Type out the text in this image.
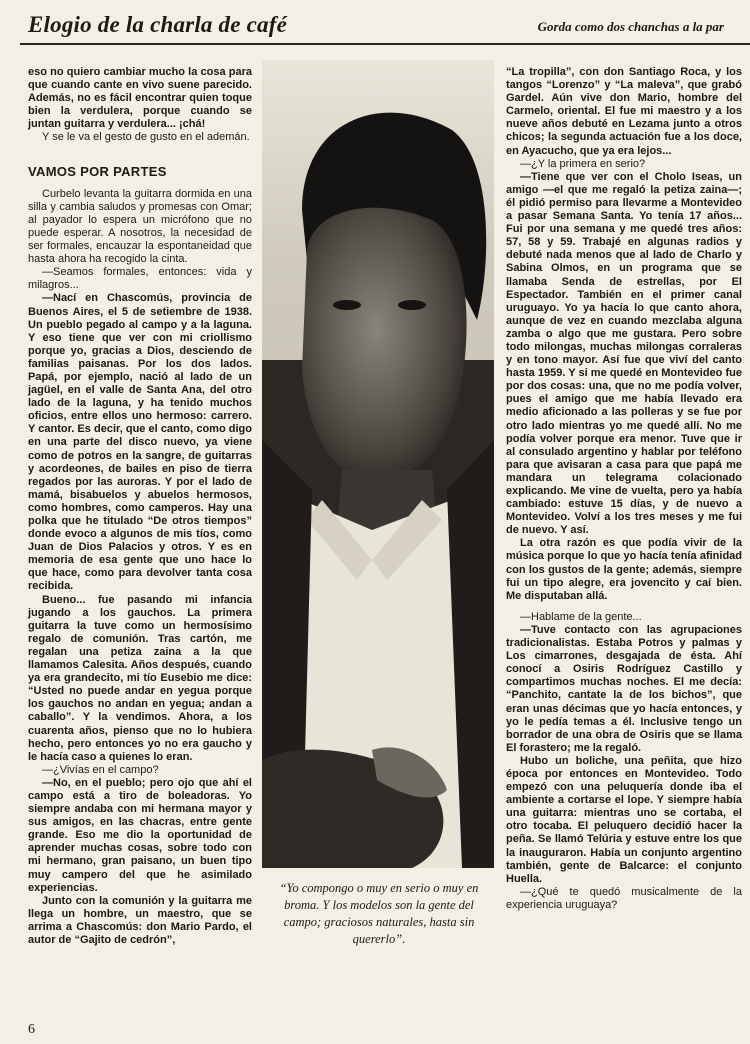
Elogio de la charla de café	Gorda como dos chanchas a la par

eso no quiero cambiar mucho la cosa para que cuando cante en vivo suene parecido. Además, no es fácil encontrar quien toque bien la verdulera, porque cuando se juntan guitarra y verdulera... ¡chá!

Y se le va el gesto de gusto en el ademán.

VAMOS POR PARTES

Curbelo levanta la guitarra dormida en una silla y cambia saludos y promesas con Omar; al payador lo espera un micrófono que no puede esperar. A nosotros, la necesidad de ser formales, encauzar la espontaneidad que hasta ahora ha recogido la cinta.

—Seamos formales, entonces: vida y milagros...

—Nací en Chascomús, provincia de Buenos Aires, el 5 de setiembre de 1938. Un pueblo pegado al campo y a la laguna. Y eso tiene que ver con mi criollismo porque yo, gracias a Dios, desciendo de familias paisanas. Por los dos lados. Papá, por ejemplo, nació al lado de un jagüel, en el valle de Santa Ana, del otro lado de la laguna, y ha tenido muchos oficios, entre ellos uno hermoso: carrero. Y cantor. Es decir, que el canto, como digo en una parte del disco nuevo, ya viene como de potros en la sangre, de guitarras y acordeones, de bailes en piso de tierra regados por las auroras. Y por el lado de mamá, bisabuelos y abuelos hermosos, como hombres, como camperos. Hay una polka que he titulado “De otros tiempos” donde evoco a algunos de mis tíos, como Juan de Dios Palacios y otros. Y es en memoria de esa gente que uno hace lo que hace, como para devolver tanta cosa recibida.

Bueno... fue pasando mi infancia jugando a los gauchos. La primera guitarra la tuve como un hermosísimo regalo de comunión. Tras cartón, me regalan una petiza zaina a la que llamamos Calesita. Años después, cuando ya era grandecito, mi tío Eusebio me dice: “Usted no puede andar en yegua porque los gauchos no andan en yegua; andan a caballo”. Y la vendimos. Ahora, a los cuarenta años, pienso que no lo hubiera hecho, pero entonces yo no era gaucho y le hacía caso a quienes lo eran.

—¿Vivías en el campo?

—No, en el pueblo; pero ojo que ahí el campo está a tiro de boleadoras. Yo siempre andaba con mi hermana mayor y sus amigos, en las chacras, entre gente grande. Eso me dio la oportunidad de aprender muchas cosas, sobre todo con mi hermano, gran paisano, un buen tipo muy campero del que he asimilado experiencias.

Junto con la comunión y la guitarra me llega un hombre, un maestro, que se arrima a Chascomús: don Mario Pardo, el autor de “Gajito de cedrón”,

“Yo compongo o muy en serio o muy en broma. Y los modelos son la gente del campo; graciosos naturales, hasta sin quererlo”.

“La tropilla”, con don Santiago Roca, y los tangos “Lorenzo” y “La maleva”, que grabó Gardel. Aún vive don Mario, hombre del Carmelo, oriental. El fue mi maestro y a los nueve años debuté en Lezama junto a otros chicos; la segunda actuación fue a los doce, en Ayacucho, que ya era lejos...

—¿Y la primera en serio?

—Tiene que ver con el Cholo Iseas, un amigo —el que me regaló la petiza zaina—; él pidió permiso para llevarme a Montevideo a pasar Semana Santa. Yo tenía 17 años... Fui por una semana y me quedé tres años: 57, 58 y 59. Trabajé en algunas radios y debuté nada menos que al lado de Charlo y Sabina Olmos, en un programa que se llamaba Senda de estrellas, por El Espectador. También en el primer canal uruguayo. Yo ya hacía lo que canto ahora, aunque de vez en cuando mezclaba alguna zamba o algo que me gustara. Pero sobre todo milongas, muchas milongas corraleras y en tono mayor. Así fue que viví del canto hasta 1959. Y si me quedé en Montevideo fue por dos cosas: una, que no me podía volver, pues el amigo que me había llevado era medio aficionado a las polleras y se fue por otro lado mientras yo me quedé allí. No me podía volver porque era menor. Tuve que ir al consulado argentino y hablar por teléfono para que avisaran a casa para que papá me mandara un telegrama colacionado explicando. Me vine de vuelta, pero ya había cambiado: estuve 15 días, y de nuevo a Montevideo. Volví a los tres meses y me fui de nuevo. Y así.

La otra razón es que podía vivir de la música porque lo que yo hacía tenía afinidad con los gustos de la gente; además, siempre fui un tipo alegre, era jovencito y caí bien. Me disputaban allá.

—Hablame de la gente...

—Tuve contacto con las agrupaciones tradicionalistas. Estaba Potros y palmas y Los cimarrones, desgajada de ésta. Ahí conocí a Osiris Rodríguez Castillo y compartimos muchas noches. El me decía: “Panchito, cantate la de los bichos”, que eran unas décimas que yo hacía entonces, y yo le pedía temas a él. Inclusive tengo un borrador de una obra de Osiris que se llama El forastero; me la regaló.

Hubo un boliche, una peñita, que hizo época por entonces en Montevideo. Todo empezó con una peluquería donde iba el ambiente a cortarse el lope. Y siempre había una guitarra: mientras uno se cortaba, el otro tocaba. El peluquero decidió hacer la peña. Se llamó Telúria y estuve entre los que la inauguraron. Había un conjunto argentino también, gente de Balcarce: el conjunto Huella.

—¿Qué te quedó musicalmente de la experiencia uruguaya?

6
